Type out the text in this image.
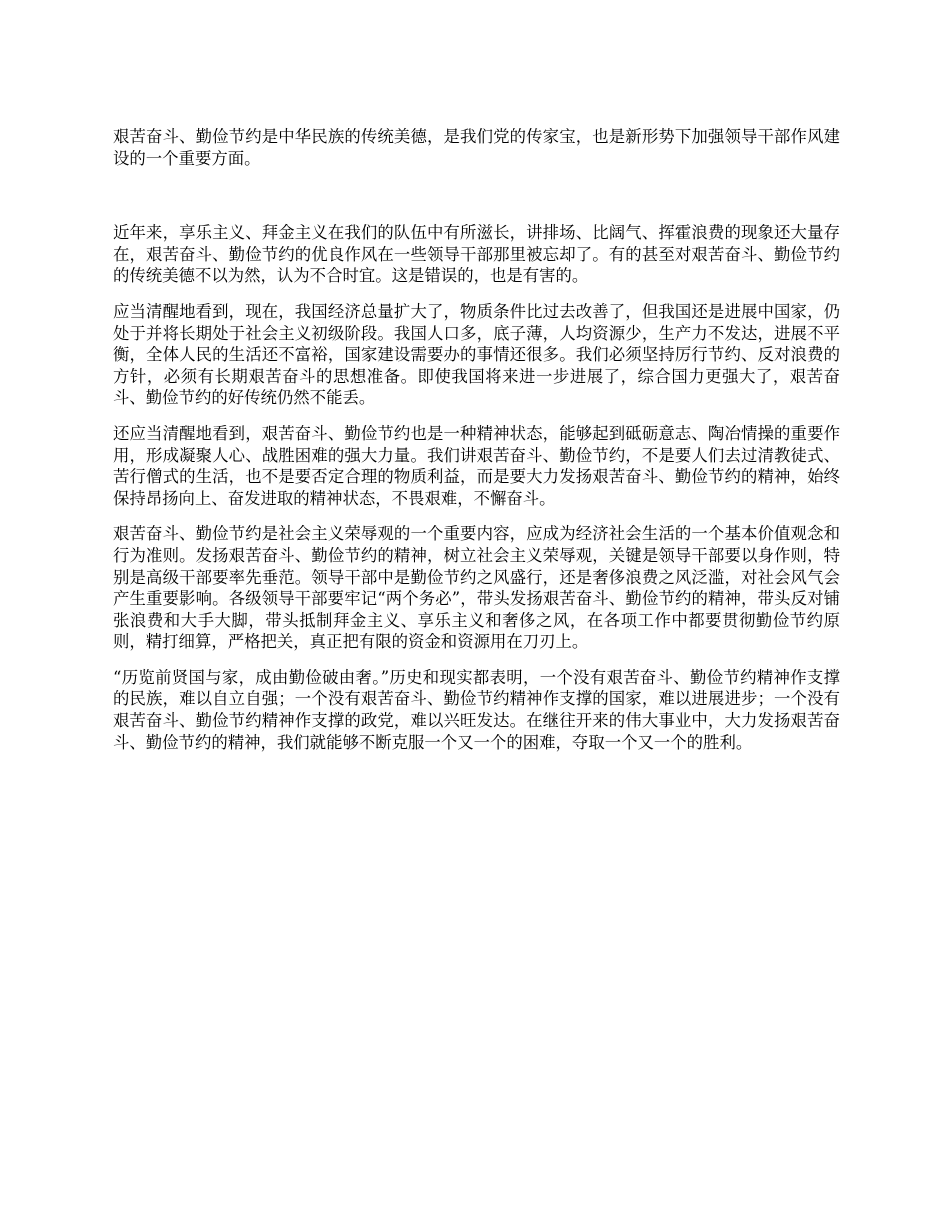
艰苦奋斗、勤俭节约是中华民族的传统美德，是我们党的传家宝，也是新形势下加强领导干部作风建设的一个重要方面。

近年来，享乐主义、拜金主义在我们的队伍中有所滋长，讲排场、比阔气、挥霍浪费的现象还大量存在，艰苦奋斗、勤俭节约的优良作风在一些领导干部那里被忘却了。有的甚至对艰苦奋斗、勤俭节约的传统美德不以为然，认为不合时宜。这是错误的，也是有害的。

应当清醒地看到，现在，我国经济总量扩大了，物质条件比过去改善了，但我国还是进展中国家，仍处于并将长期处于社会主义初级阶段。我国人口多，底子薄，人均资源少，生产力不发达，进展不平衡，全体人民的生活还不富裕，国家建设需要办的事情还很多。我们必须坚持厉行节约、反对浪费的方针，必须有长期艰苦奋斗的思想准备。即使我国将来进一步进展了，综合国力更强大了，艰苦奋斗、勤俭节约的好传统仍然不能丢。

还应当清醒地看到，艰苦奋斗、勤俭节约也是一种精神状态，能够起到砥砺意志、陶冶情操的重要作用，形成凝聚人心、战胜困难的强大力量。我们讲艰苦奋斗、勤俭节约，不是要人们去过清教徒式、苦行僧式的生活，也不是要否定合理的物质利益，而是要大力发扬艰苦奋斗、勤俭节约的精神，始终保持昂扬向上、奋发进取的精神状态，不畏艰难，不懈奋斗。

艰苦奋斗、勤俭节约是社会主义荣辱观的一个重要内容，应成为经济社会生活的一个基本价值观念和行为准则。发扬艰苦奋斗、勤俭节约的精神，树立社会主义荣辱观，关键是领导干部要以身作则，特别是高级干部要率先垂范。领导干部中是勤俭节约之风盛行，还是奢侈浪费之风泛滥，对社会风气会产生重要影响。各级领导干部要牢记“两个务必”，带头发扬艰苦奋斗、勤俭节约的精神，带头反对铺张浪费和大手大脚，带头抵制拜金主义、享乐主义和奢侈之风，在各项工作中都要贯彻勤俭节约原则，精打细算，严格把关，真正把有限的资金和资源用在刀刃上。

“历览前贤国与家，成由勤俭破由奢。”历史和现实都表明，一个没有艰苦奋斗、勤俭节约精神作支撑的民族，难以自立自强；一个没有艰苦奋斗、勤俭节约精神作支撑的国家，难以进展进步；一个没有艰苦奋斗、勤俭节约精神作支撑的政党，难以兴旺发达。在继往开来的伟大事业中，大力发扬艰苦奋斗、勤俭节约的精神，我们就能够不断克服一个又一个的困难，夺取一个又一个的胜利。
